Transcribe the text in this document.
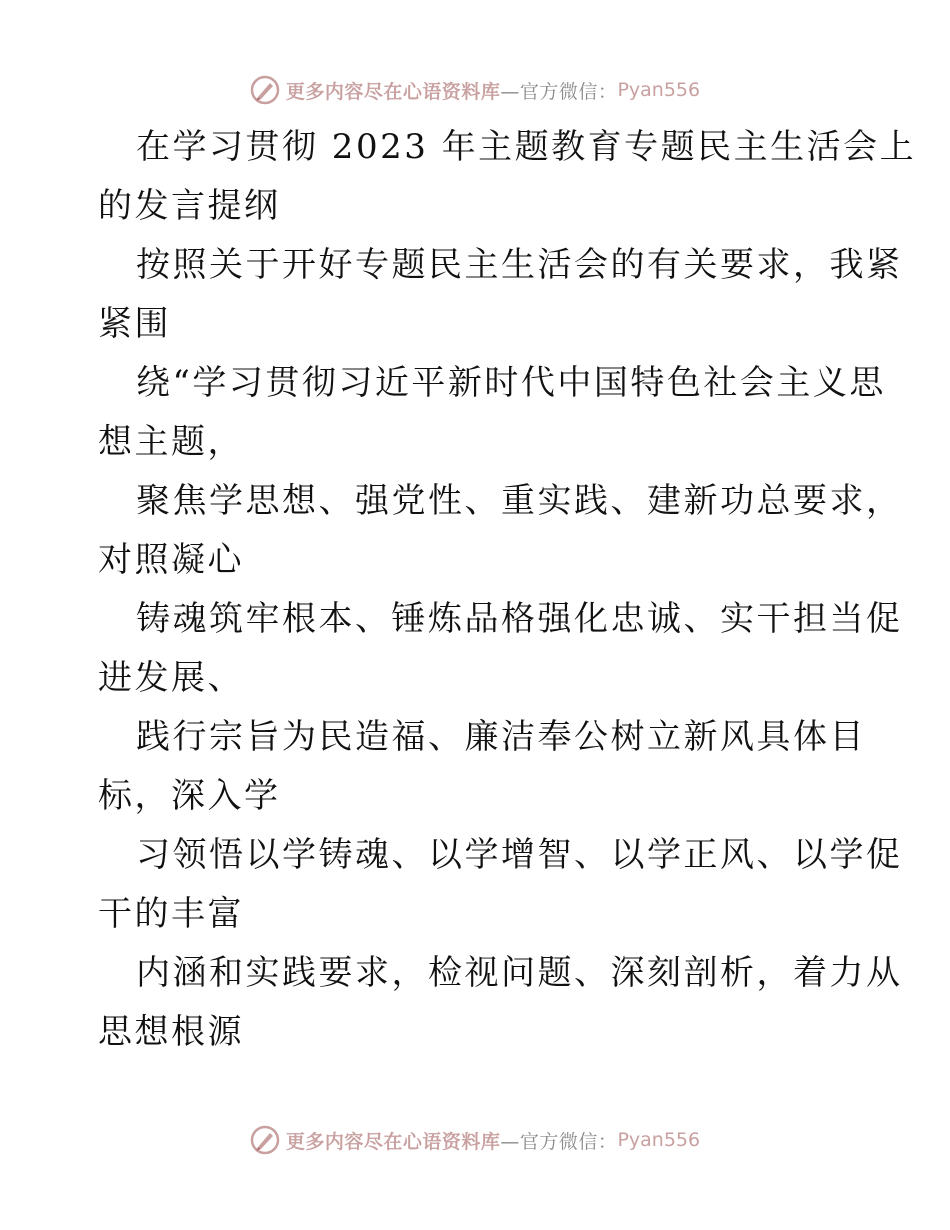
更多内容尽在心语资料库 —官方微信： Pyan556
在学习贯彻 2023 年主题教育专题民主生活会上
的发言提纲
按照关于开好专题民主生活会的有关要求，我紧
紧围
绕“学习贯彻习近平新时代中国特色社会主义思
想主题，
聚焦学思想、强党性、重实践、建新功总要求，
对照凝心
铸魂筑牢根本、锤炼品格强化忠诚、实干担当促
进发展、
践行宗旨为民造福、廉洁奉公树立新风具体目
标，深入学
习领悟以学铸魂、以学增智、以学正风、以学促
干的丰富
内涵和实践要求，检视问题、深刻剖析，着力从
思想根源
更多内容尽在心语资料库 —官方微信： Pyan556
